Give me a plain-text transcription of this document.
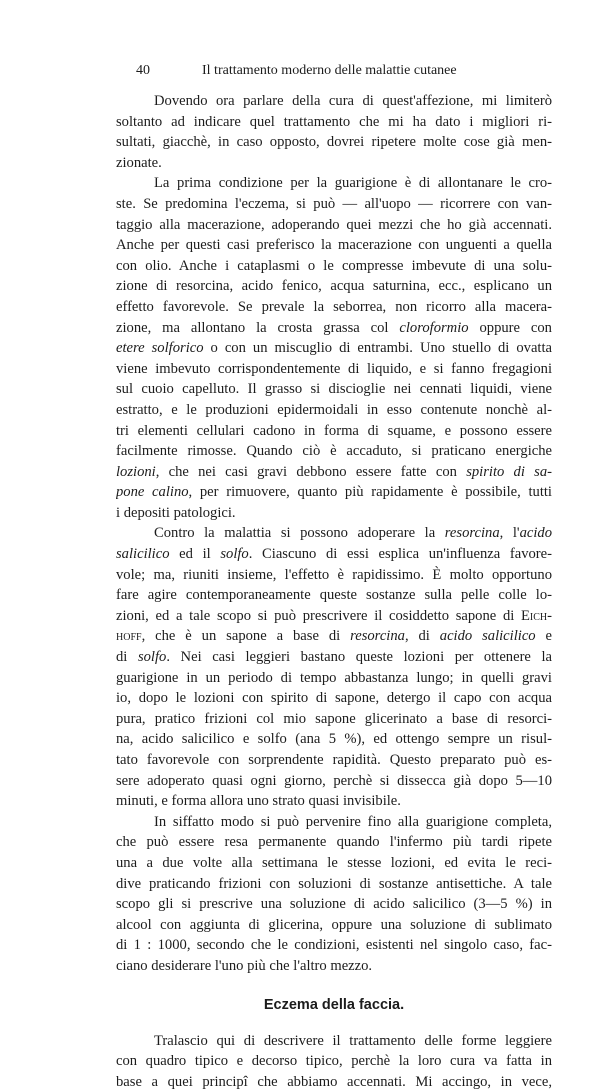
40	Il trattamento moderno delle malattie cutanee
Dovendo ora parlare della cura di quest'affezione, mi limiterò
soltanto ad indicare quel trattamento che mi ha dato i migliori ri-
sultati, giacchè, in caso opposto, dovrei ripetere molte cose già men-
zionate.
La prima condizione per la guarigione è di allontanare le cro-
ste. Se predomina l'eczema, si può — all'uopo — ricorrere con van-
taggio alla macerazione, adoperando quei mezzi che ho già accennati.
Anche per questi casi preferisco la macerazione con unguenti a quella
con olio. Anche i cataplasmi o le compresse imbevute di una solu-
zione di resorcina, acido fenico, acqua saturnina, ecc., esplicano un
effetto favorevole. Se prevale la seborrea, non ricorro alla macera-
zione, ma allontano la crosta grassa col cloroformio oppure con
etere solforico o con un miscuglio di entrambi. Uno stuello di ovatta
viene imbevuto corrispondentemente di liquido, e si fanno fregagioni
sul cuoio capelluto. Il grasso si discioglie nei cennati liquidi, viene
estratto, e le produzioni epidermoidali in esso contenute nonchè al-
tri elementi cellulari cadono in forma di squame, e possono essere
facilmente rimosse. Quando ciò è accaduto, si praticano energiche
lozioni, che nei casi gravi debbono essere fatte con spirito di sa-
pone calino, per rimuovere, quanto più rapidamente è possibile, tutti
i depositi patologici.
Contro la malattia si possono adoperare la resorcina, l'acido
salicilico ed il solfo. Ciascuno di essi esplica un'influenza favore-
vole; ma, riuniti insieme, l'effetto è rapidissimo. È molto opportuno
fare agire contemporaneamente queste sostanze sulla pelle colle lo-
zioni, ed a tale scopo si può prescrivere il cosiddetto sapone di Eich-
hoff, che è un sapone a base di resorcina, di acido salicilico e
di solfo. Nei casi leggieri bastano queste lozioni per ottenere la
guarigione in un periodo di tempo abbastanza lungo; in quelli gravi
io, dopo le lozioni con spirito di sapone, detergo il capo con acqua
pura, pratico frizioni col mio sapone glicerinato a base di resorci-
na, acido salicilico e solfo (ana 5 %), ed ottengo sempre un risul-
tato favorevole con sorprendente rapidità. Questo preparato può es-
sere adoperato quasi ogni giorno, perchè si dissecca già dopo 5—10
minuti, e forma allora uno strato quasi invisibile.
In siffatto modo si può pervenire fino alla guarigione completa,
che può essere resa permanente quando l'infermo più tardi ripete
una a due volte alla settimana le stesse lozioni, ed evita le reci-
dive praticando frizioni con soluzioni di sostanze antisettiche. A tale
scopo gli si prescrive una soluzione di acido salicilico (3—5 %) in
alcool con aggiunta di glicerina, oppure una soluzione di sublimato
di 1 : 1000, secondo che le condizioni, esistenti nel singolo caso, fac-
ciano desiderare l'uno più che l'altro mezzo.
Eczema della faccia.
Tralascio qui di descrivere il trattamento delle forme leggiere
con quadro tipico e decorso tipico, perchè la loro cura va fatta in
base a quei principî che abbiamo accennati. Mi accingo, in vece,
